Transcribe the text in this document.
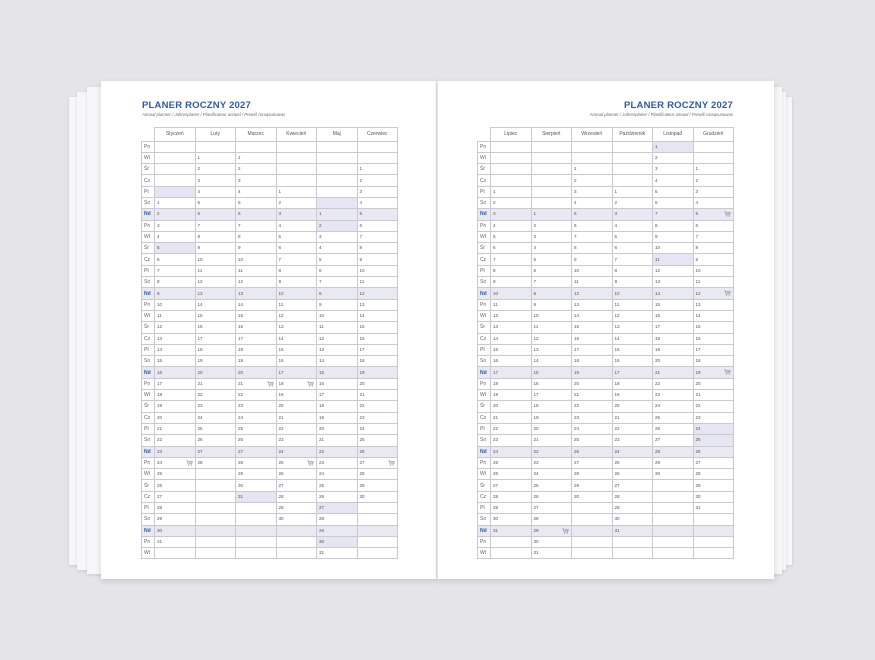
PLANER ROCZNY 2027
Annual planner / Jahresplaner / Planificateur annuel / Prewiš roraąsunuwas
	Styczeń	Luty	Marzec	Kwiecień	Maj	Czerwiec
Pn						
Wt		1	1			
Śr		2	2			1
Cz		3	3			2
Pt		4	4	1		3
So	1	5	5	2		4
Nd	2	6	6	3	1	5
Pn	3	7	7	4	2	6
Wt	4	8	8	5	3	7
Śr	5	9	9	6	4	8
Cz	6	10	10	7	5	9
Pt	7	11	11	8	6	10
So	8	12	12	9	7	11
Nd	9	13	13	10	8	12
Pn	10	14	14	11	9	13
Wt	11	15	15	12	10	14
Śr	12	16	16	13	11	15
Cz	13	17	17	14	12	16
Pt	14	18	18	15	13	17
So	15	19	19	16	14	18
Nd	16	20	20	17	15	19
Pn	17	21	21	18	16	20
Wt	18	22	22	19	17	21
Śr	19	23	23	20	18	22
Cz	20	24	24	21	19	23
Pt	21	25	25	22	20	24
So	22	26	26	23	21	25
Nd	23	27	27	24	22	26
Pn	24	28	28	25	23	27

Wt	25		29	26	24	28
Śr	26		30	27	25	29
Cz	27		31	28	26	30
Pt	28			29	27	
So	29			30	28	
Nd	30				29	
Pn	31				30	
Wt					31	
PLANER ROCZNY 2027
Annual planner / Jahresplaner / Planificateur annuel / Prewiš roraąsunuwas
	Lipiec	Sierpień	Wrzesień	Październik	Listopad	Grudzień
Pn					1	
Wt					2	
Śr			1		3	1
Cz			2		4	2
Pt	1		3	1	5	3
So	2		4	2	6	4
Nd	3	1	5	3	7	5

Pn	4	2	6	4	8	6
Wt	5	3	7	5	9	7
Śr	6	4	8	6	10	8
Cz	7	5	9	7	11	9
Pt	8	6	10	8	12	10
So	9	7	11	9	13	11
Nd	10	8	12	10	14	12

Pn	11	9	13	11	15	13
Wt	12	10	14	12	16	14
Śr	13	11	15	13	17	15
Cz	14	12	16	14	18	16
Pt	15	13	17	15	19	17
So	16	14	18	16	20	18
Nd	17	15	19	17	21	19

Pn	18	16	20	18	22	20
Wt	19	17	21	19	23	21
Śr	20	18	22	20	24	22
Cz	21	19	23	21	25	23
Pt	22	20	24	22	26	24
So	23	21	25	23	27	25
Nd	24	22	26	24	28	26
Pn	25	23	27	25	29	27
Wt	26	24	28	26	30	28
Śr	27	25	29	27		29
Cz	28	26	30	28		30
Pt	29	27		29		31
So	30	28		30		
Nd	31	29		31		
Pn		30				
Wt		31				
